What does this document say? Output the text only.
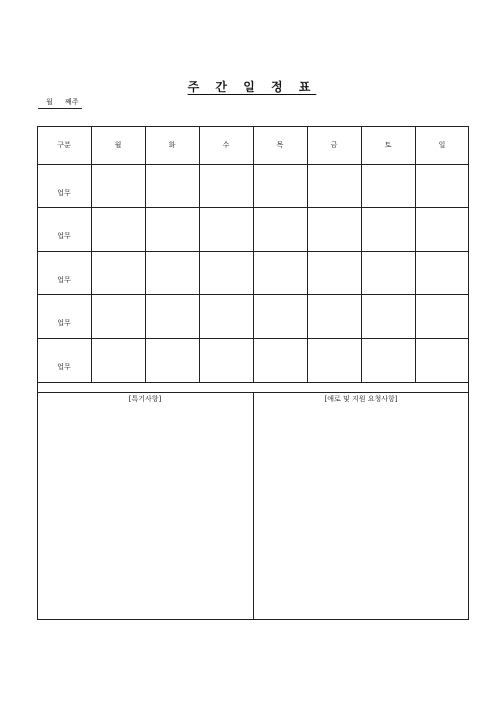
주 간 일 정 표
월 째주
구분	월	화	수	목	금	토	일
업무
업무
업무
업무
업무
[특기사항]	[애로 및 지원 요청사항]
